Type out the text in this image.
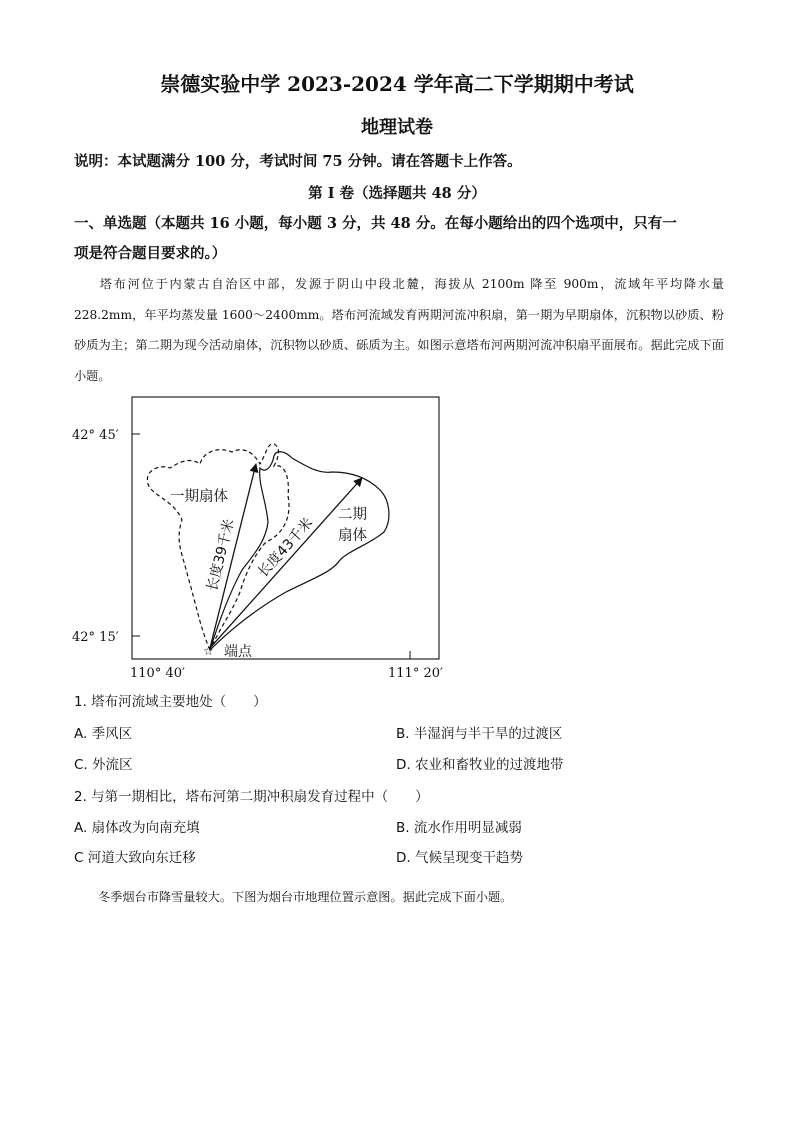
崇德实验中学 2023-2024 学年高二下学期期中考试
地理试卷
说明：本试题满分 100 分，考试时间 75 分钟。请在答题卡上作答。
第 I 卷（选择题共 48 分）
一、单选题（本题共 16 小题，每小题 3 分，共 48 分。在每小题给出的四个选项中，只有一
项是符合题目要求的。）
塔布河位于内蒙古自治区中部，发源于阴山中段北麓，海拔从 2100m 降至 900m，流域年平均降水量 228.2mm，年平均蒸发量 1600～2400mm。塔布河流域发育两期河流冲积扇，第一期为早期扇体，沉积物以砂质、粉砂质为主；第二期为现今活动扇体，沉积物以砂质、砾质为主。如图示意塔布河两期河流冲积扇平面展布。据此完成下面小题。
☆
42° 45′
42° 15′
110° 40′	111° 20′
一期扇体
二期
扇体
长度39千米 长度43千米
端点
1. 塔布河流域主要地处（　　）
A. 季风区	B. 半湿润与半干旱的过渡区
C. 外流区	D. 农业和畜牧业的过渡地带
2. 与第一期相比，塔布河第二期冲积扇发育过程中（　　）
A. 扇体改为向南充填	B. 流水作用明显减弱
C 河道大致向东迁移	D. 气候呈现变干趋势
冬季烟台市降雪量较大。下图为烟台市地理位置示意图。据此完成下面小题。
